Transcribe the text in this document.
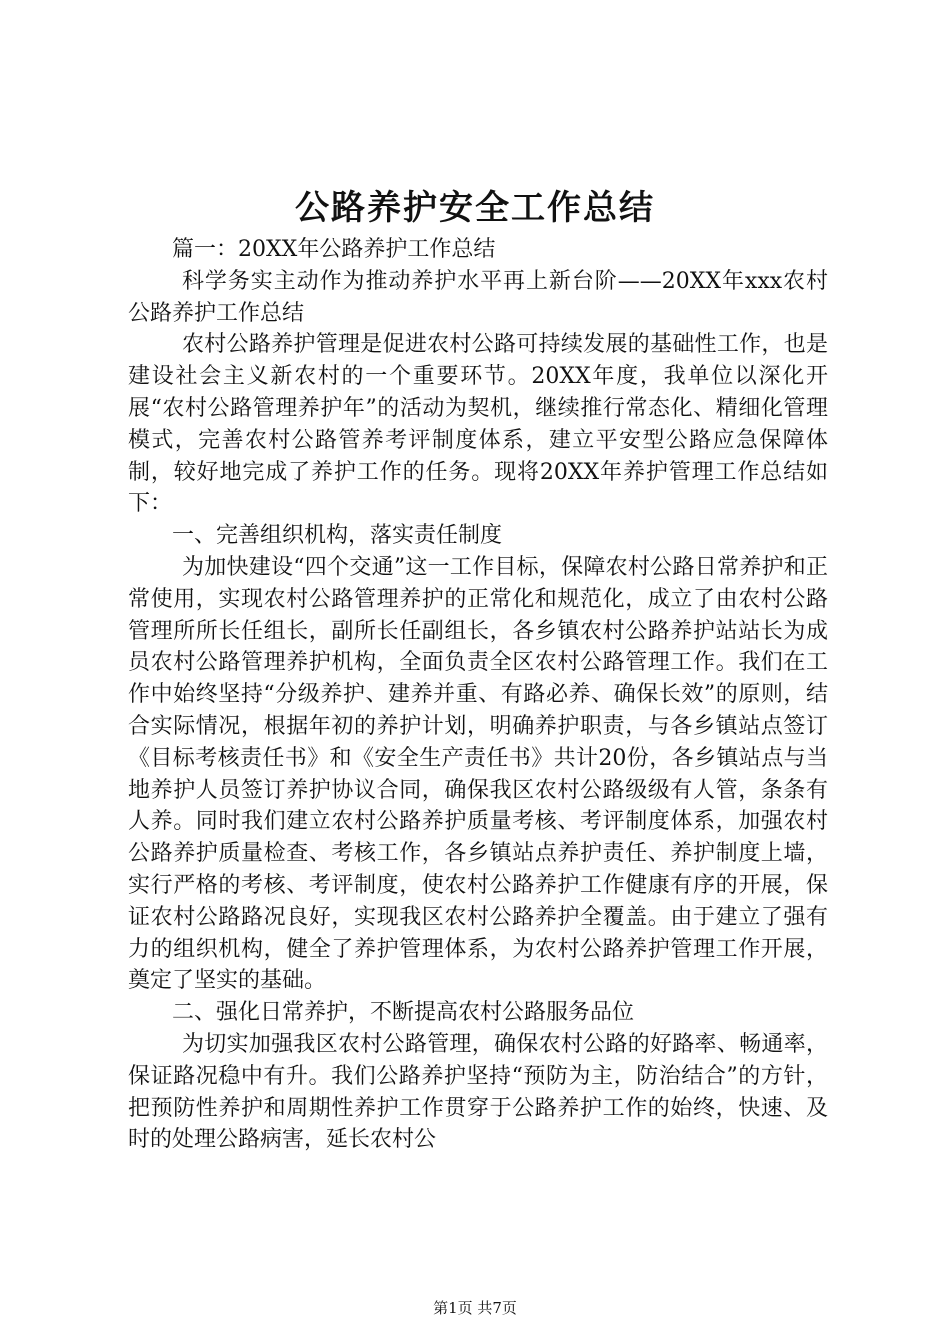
公路养护安全工作总结

篇一：20XX年公路养护工作总结

科学务实主动作为推动养护水平再上新台阶——20XX年xxx农村公路养护工作总结

农村公路养护管理是促进农村公路可持续发展的基础性工作，也是建设社会主义新农村的一个重要环节。20XX年度，我单位以深化开展“农村公路管理养护年”的活动为契机，继续推行常态化、精细化管理模式，完善农村公路管养考评制度体系，建立平安型公路应急保障体制，较好地完成了养护工作的任务。现将20XX年养护管理工作总结如下：

一、完善组织机构，落实责任制度

为加快建设“四个交通”这一工作目标，保障农村公路日常养护和正常使用，实现农村公路管理养护的正常化和规范化，成立了由农村公路管理所所长任组长，副所长任副组长，各乡镇农村公路养护站站长为成员农村公路管理养护机构，全面负责全区农村公路管理工作。我们在工作中始终坚持“分级养护、建养并重、有路必养、确保长效”的原则，结合实际情况，根据年初的养护计划，明确养护职责，与各乡镇站点签订《目标考核责任书》和《安全生产责任书》共计20份，各乡镇站点与当地养护人员签订养护协议合同，确保我区农村公路级级有人管，条条有人养。同时我们建立农村公路养护质量考核、考评制度体系，加强农村公路养护质量检查、考核工作，各乡镇站点养护责任、养护制度上墙，实行严格的考核、考评制度，使农村公路养护工作健康有序的开展，保证农村公路路况良好，实现我区农村公路养护全覆盖。由于建立了强有力的组织机构，健全了养护管理体系，为农村公路养护管理工作开展，奠定了坚实的基础。

二、强化日常养护，不断提高农村公路服务品位

为切实加强我区农村公路管理，确保农村公路的好路率、畅通率，保证路况稳中有升。我们公路养护坚持“预防为主，防治结合”的方针，把预防性养护和周期性养护工作贯穿于公路养护工作的始终，快速、及时的处理公路病害，延长农村公

第1页 共7页
